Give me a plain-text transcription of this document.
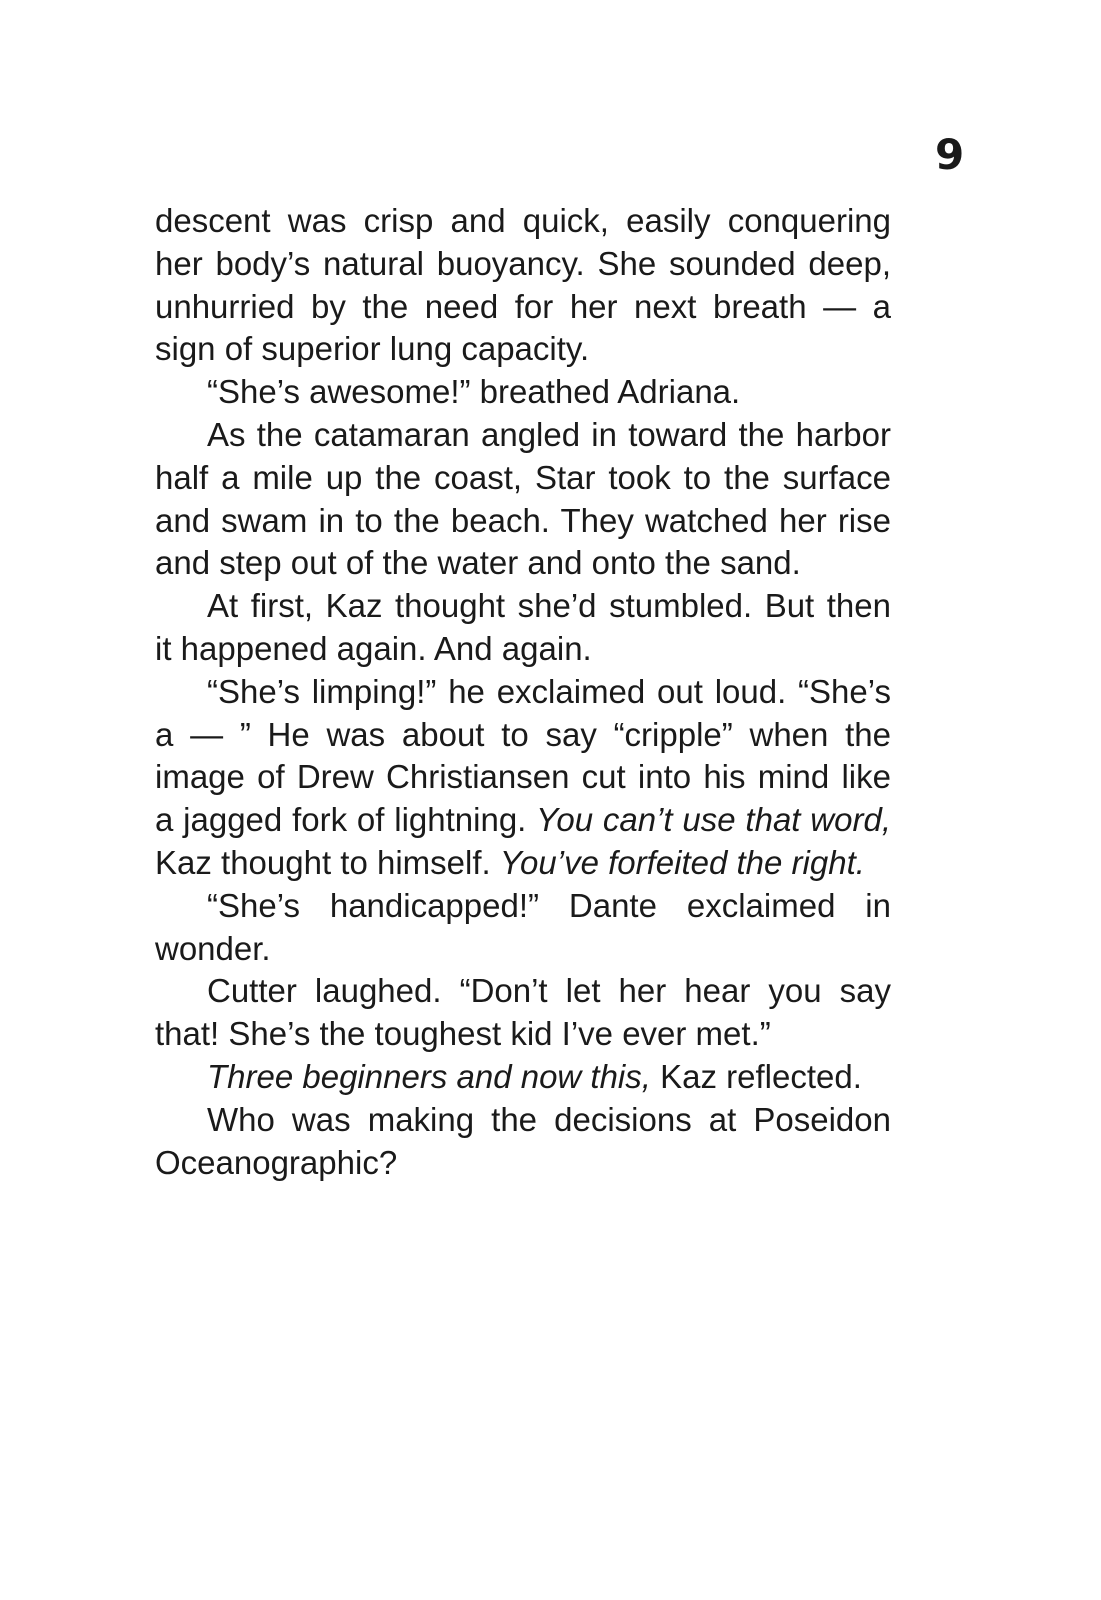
9

descent was crisp and quick, easily conquering her body’s natural buoyancy. She sounded deep, unhurried by the need for her next breath — a sign of superior lung capacity.

“She’s awesome!” breathed Adriana.

As the catamaran angled in toward the harbor half a mile up the coast, Star took to the surface and swam in to the beach. They watched her rise and step out of the water and onto the sand.

At first, Kaz thought she’d stumbled. But then it happened again. And again.

“She’s limping!” he exclaimed out loud. “She’s a — ” He was about to say “cripple” when the image of Drew Christiansen cut into his mind like a jagged fork of lightning. You can’t use that word, Kaz thought to himself. You’ve forfeited the right.

“She’s handicapped!” Dante exclaimed in wonder.

Cutter laughed. “Don’t let her hear you say that! She’s the toughest kid I’ve ever met.”

Three beginners and now this, Kaz reflected.

Who was making the decisions at Poseidon Oceanographic?
